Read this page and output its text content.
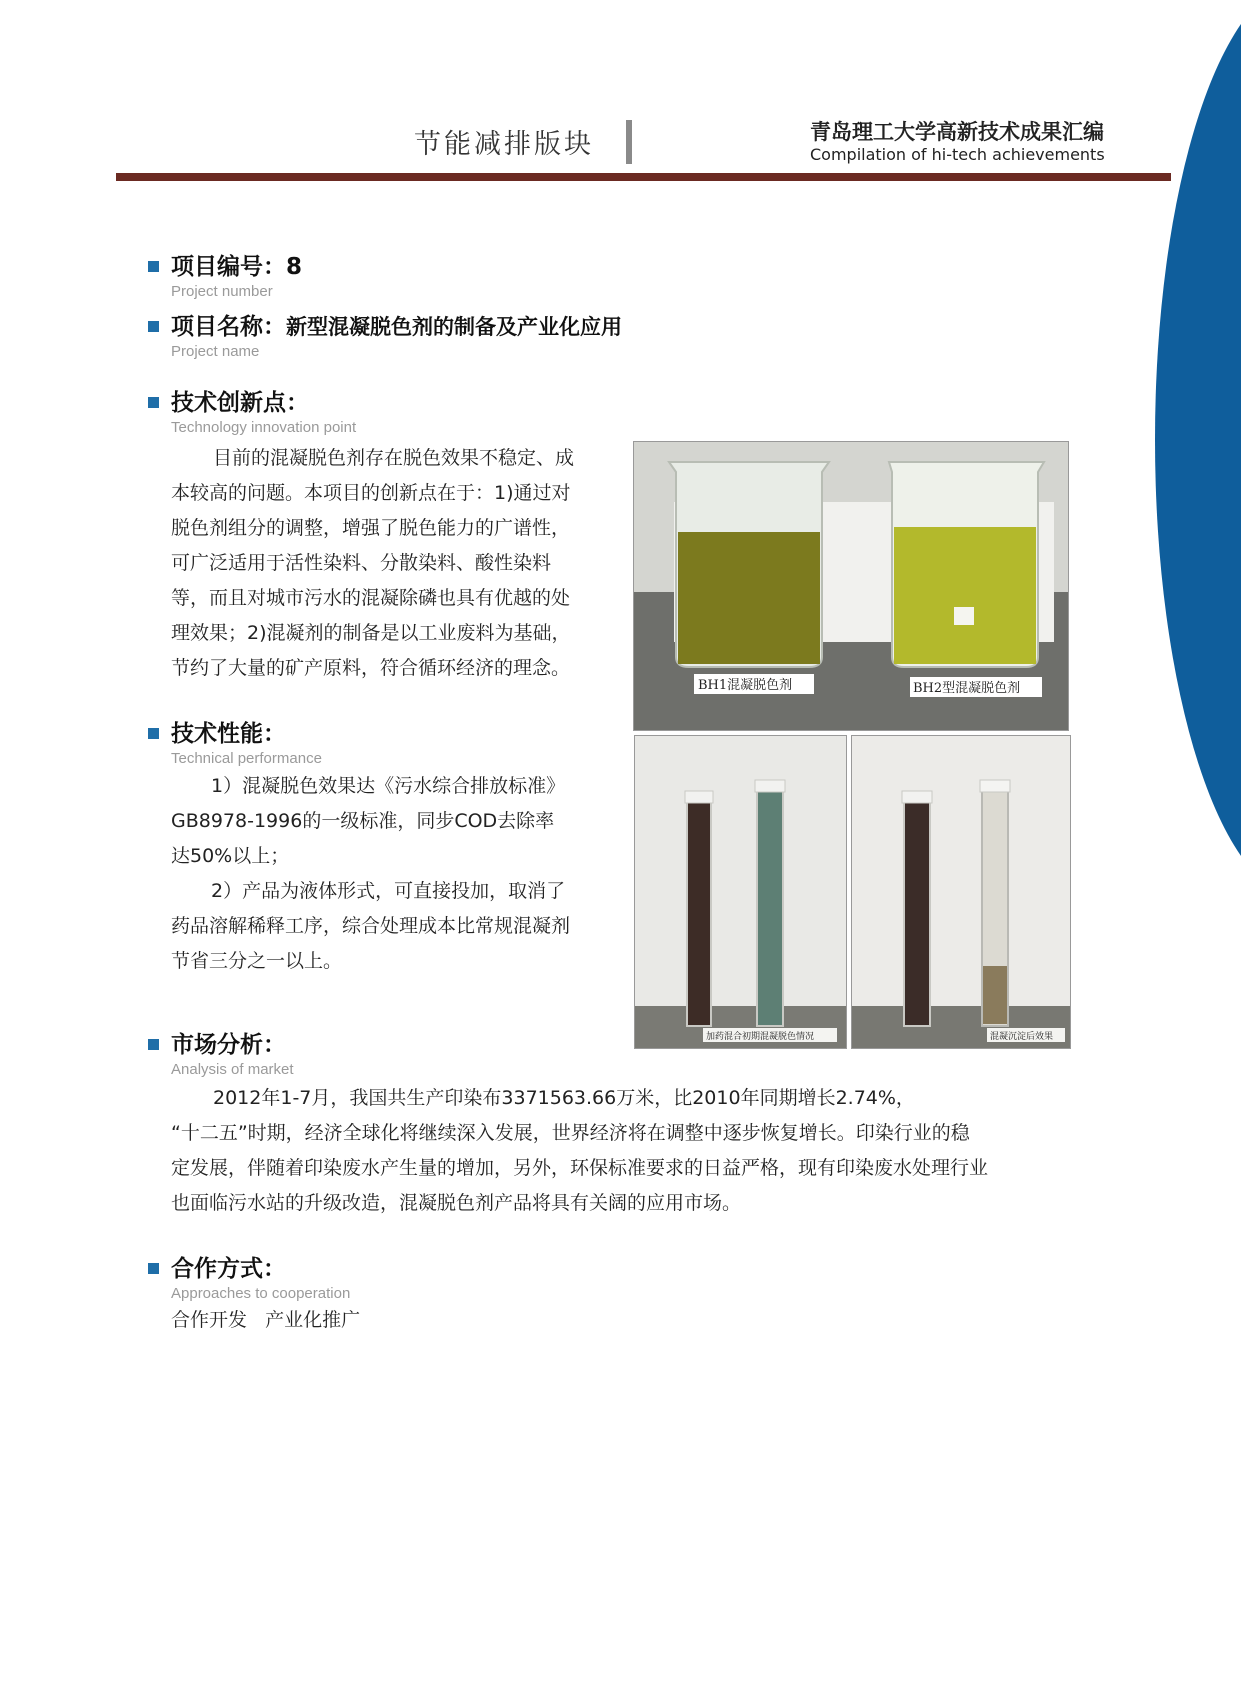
节能减排版块	青岛理工大学高新技术成果汇编
Compilation of hi-tech achievements
项目编号：8
Project number
项目名称：新型混凝脱色剂的制备及产业化应用
Project name
技术创新点：
Technology innovation point
目前的混凝脱色剂存在脱色效果不稳定、成
本较高的问题。本项目的创新点在于：1)通过对
脱色剂组分的调整，增强了脱色能力的广谱性，
可广泛适用于活性染料、分散染料、酸性染料
等，而且对城市污水的混凝除磷也具有优越的处
理效果；2)混凝剂的制备是以工业废料为基础，
节约了大量的矿产原料，符合循环经济的理念。
技术性能：
Technical performance
1）混凝脱色效果达《污水综合排放标准》
GB8978-1996的一级标准，同步COD去除率
达50%以上；
2）产品为液体形式，可直接投加，取消了
药品溶解稀释工序，综合处理成本比常规混凝剂
节省三分之一以上。
BH1混凝脱色剂	BH2型混凝脱色剂
加药混合初期混凝脱色情况	混凝沉淀后效果
市场分析：
Analysis of market
2012年1-7月，我国共生产印染布3371563.66万米，比2010年同期增长2.74%，
“十二五”时期，经济全球化将继续深入发展，世界经济将在调整中逐步恢复增长。印染行业的稳
定发展，伴随着印染废水产生量的增加，另外，环保标准要求的日益严格，现有印染废水处理行业
也面临污水站的升级改造，混凝脱色剂产品将具有关阔的应用市场。
合作方式：
Approaches to cooperation
合作开发   产业化推广
